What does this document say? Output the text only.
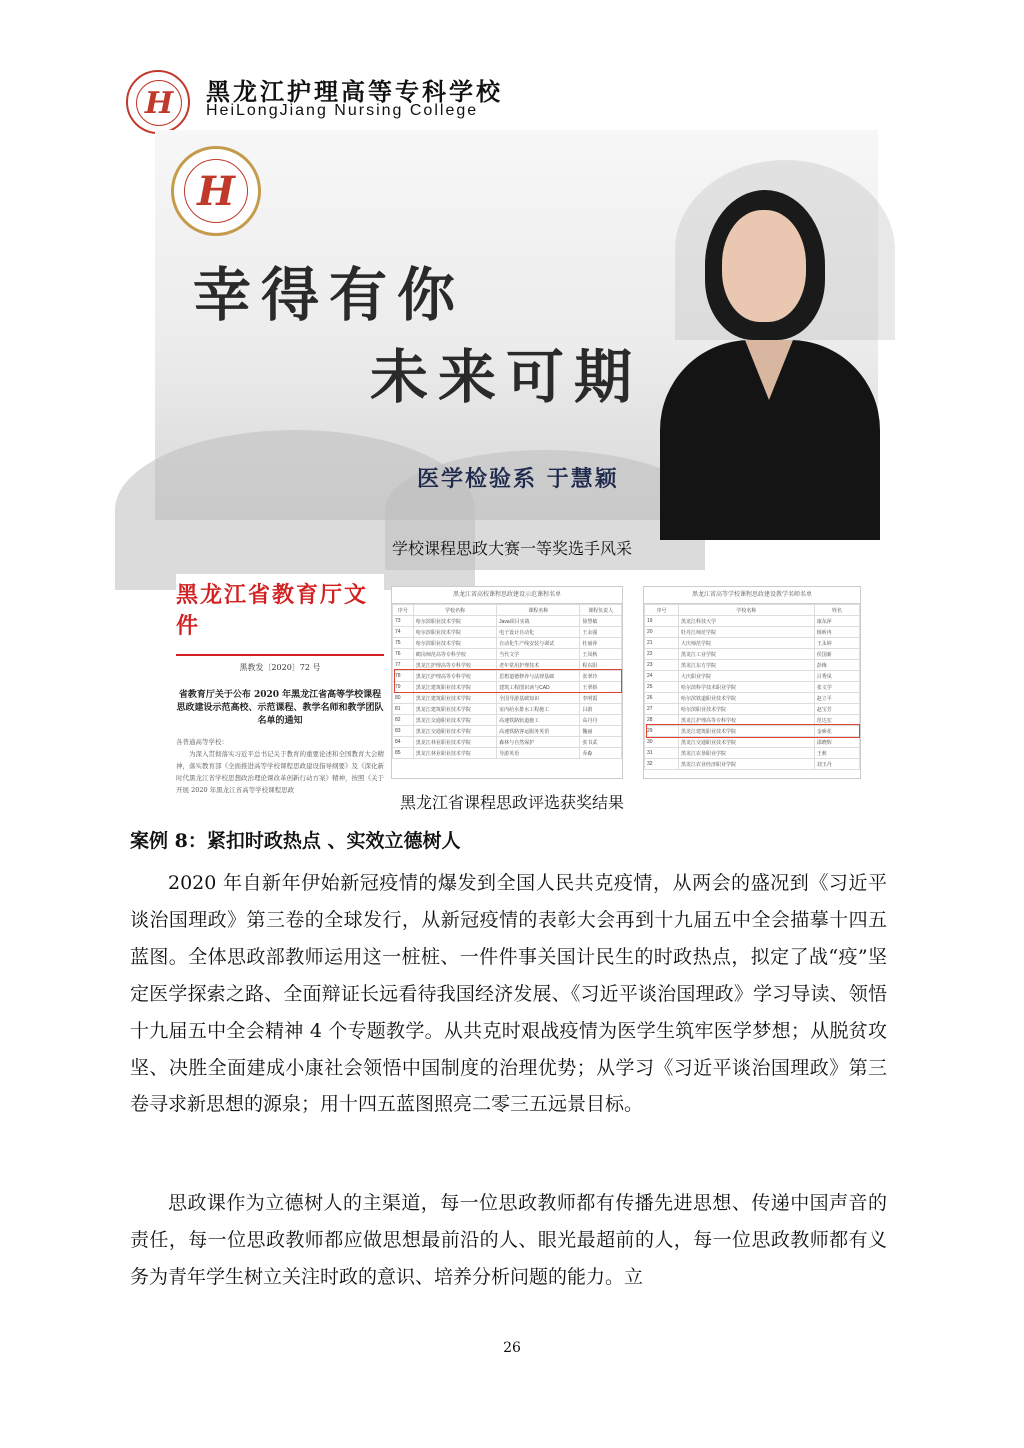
H	黑龙江护理高等专科学校
HeiLongJiang Nursing College
H
幸得有你
未来可期
医学检验系 于慧颖
学校课程思政大赛一等奖选手风采
黑龙江省教育厅文件
黑教发〔2020〕72 号
省教育厅关于公布 2020 年黑龙江省高等学校课程思政建设示范高校、示范课程、教学名师和教学团队名单的通知
各普通高等学校：
为深入贯彻落实习近平总书记关于教育的重要论述和全国教育大会精神，落实教育部《全面推进高等学校课程思政建设指导纲要》及《深化新时代黑龙江省学校思想政治理论课改革创新行动方案》精神，按照《关于开展 2020 年黑龙江省高等学校课程思政
黑龙江省高校课程思政建设示范课程名单
序号	学校名称	课程名称	课程负责人
73	哈尔滨职业技术学院	Java项目实战	徐慧敏
74	哈尔滨职业技术学院	电子设计自动化	王永强
75	哈尔滨职业技术学院	自动化生产线安装与调试	杜丽萍
76	鹤岗师范高等专科学校	当代文学	王凤秋
77	黑龙江护理高等专科学校	老年常用护理技术	程东阳
78	黑龙江护理高等专科学校	思想道德修养与法律基础	张翠玲
79	黑龙江建筑职业技术学院	建筑工程图识读与CAD	王翠娇
80	黑龙江建筑职业技术学院	全国导游基础知识	李明霞
81	黑龙江建筑职业技术学院	室内给水排水工程施工	吕蔚
82	黑龙江交通职业技术学院	高速铁路轨道施工	高丹丹
83	黑龙江交通职业技术学院	高速铁路客运服务英语	魏丽
84	黑龙江林业职业技术学院	森林与自然保护	张书武
85	黑龙江林业职业技术学院	导游英语	乔森
黑龙江省高等学校课程思政建设教学名师名单
序号	学校名称	姓名
19	黑龙江科技大学	康东萍
20	牡丹江师范学院	杨昕冉
21	大庆师范学院	王永婷
22	黑龙江工业学院	侯国新
23	黑龙江东方学院	彭梅
24	大庆职业学院	吕秀凤
25	哈尔滨科学技术职业学院	张文学
26	哈尔滨铁道职业技术学院	赵立平
27	哈尔滨职业技术学院	赵宝芳
28	黑龙江护理高等专科学校	范达宏
29	黑龙江建筑职业技术学院	金咏花
30	黑龙江交通职业技术学院	邵晓辉
31	黑龙江农垦职业学院	王莉
32	黑龙江农业经济职业学院	刘玉丹
黑龙江省课程思政评选获奖结果
案例 8：紧扣时政热点 、实效立德树人
2020 年自新年伊始新冠疫情的爆发到全国人民共克疫情，从两会的盛况到《习近平谈治国理政》第三卷的全球发行，从新冠疫情的表彰大会再到十九届五中全会描摹十四五蓝图。全体思政部教师运用这一桩桩、一件件事关国计民生的时政热点，拟定了战“疫”坚定医学探索之路、全面辩证长远看待我国经济发展、《习近平谈治国理政》学习导读、领悟十九届五中全会精神 4 个专题教学。从共克时艰战疫情为医学生筑牢医学梦想；从脱贫攻坚、决胜全面建成小康社会领悟中国制度的治理优势；从学习《习近平谈治国理政》第三卷寻求新思想的源泉；用十四五蓝图照亮二零三五远景目标。
思政课作为立德树人的主渠道，每一位思政教师都有传播先进思想、传递中国声音的责任，每一位思政教师都应做思想最前沿的人、眼光最超前的人，每一位思政教师都有义务为青年学生树立关注时政的意识、培养分析问题的能力。立
26
